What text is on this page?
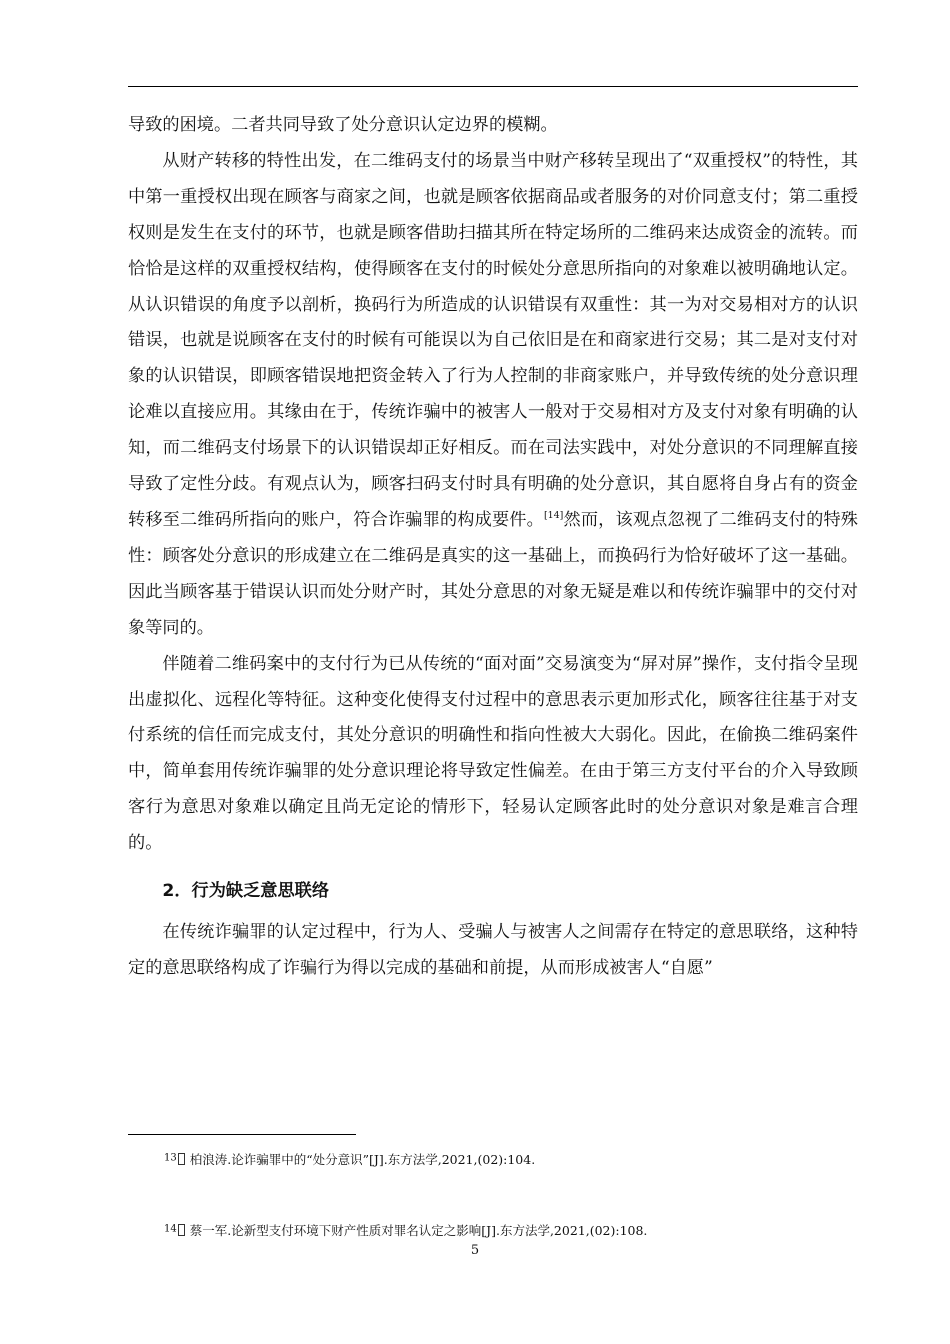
导致的困境。二者共同导致了处分意识认定边界的模糊。

从财产转移的特性出发，在二维码支付的场景当中财产移转呈现出了“双重授权”的特性，其中第一重授权出现在顾客与商家之间，也就是顾客依据商品或者服务的对价同意支付；第二重授权则是发生在支付的环节，也就是顾客借助扫描其所在特定场所的二维码来达成资金的流转。而恰恰是这样的双重授权结构，使得顾客在支付的时候处分意思所指向的对象难以被明确地认定。从认识错误的角度予以剖析，换码行为所造成的认识错误有双重性：其一为对交易相对方的认识错误，也就是说顾客在支付的时候有可能误以为自己依旧是在和商家进行交易；其二是对支付对象的认识错误，即顾客错误地把资金转入了行为人控制的非商家账户，并导致传统的处分意识理论难以直接应用。其缘由在于，传统诈骗中的被害人一般对于交易相对方及支付对象有明确的认知，而二维码支付场景下的认识错误却正好相反。而在司法实践中，对处分意识的不同理解直接导致了定性分歧。有观点认为，顾客扫码支付时具有明确的处分意识，其自愿将自身占有的资金转移至二维码所指向的账户，符合诈骗罪的构成要件。[14]然而，该观点忽视了二维码支付的特殊性：顾客处分意识的形成建立在二维码是真实的这一基础上，而换码行为恰好破坏了这一基础。因此当顾客基于错误认识而处分财产时，其处分意思的对象无疑是难以和传统诈骗罪中的交付对象等同的。

伴随着二维码案中的支付行为已从传统的“面对面”交易演变为“屏对屏”操作，支付指令呈现出虚拟化、远程化等特征。这种变化使得支付过程中的意思表示更加形式化，顾客往往基于对支付系统的信任而完成支付，其处分意识的明确性和指向性被大大弱化。因此，在偷换二维码案件中，简单套用传统诈骗罪的处分意识理论将导致定性偏差。在由于第三方支付平台的介入导致顾客行为意思对象难以确定且尚无定论的情形下，轻易认定顾客此时的处分意识对象是难言合理的。

2．行为缺乏意思联络

在传统诈骗罪的认定过程中，行为人、受骗人与被害人之间需存在特定的意思联络，这种特定的意思联络构成了诈骗行为得以完成的基础和前提，从而形成被害人“自愿”

$^{13}$ 柏浪涛.论诈骗罪中的“处分意识”[J].东方法学,2021,(02):104.
$^{14}$ 蔡一军.论新型支付环境下财产性质对罪名认定之影响[J].东方法学,2021,(02):108.
5
